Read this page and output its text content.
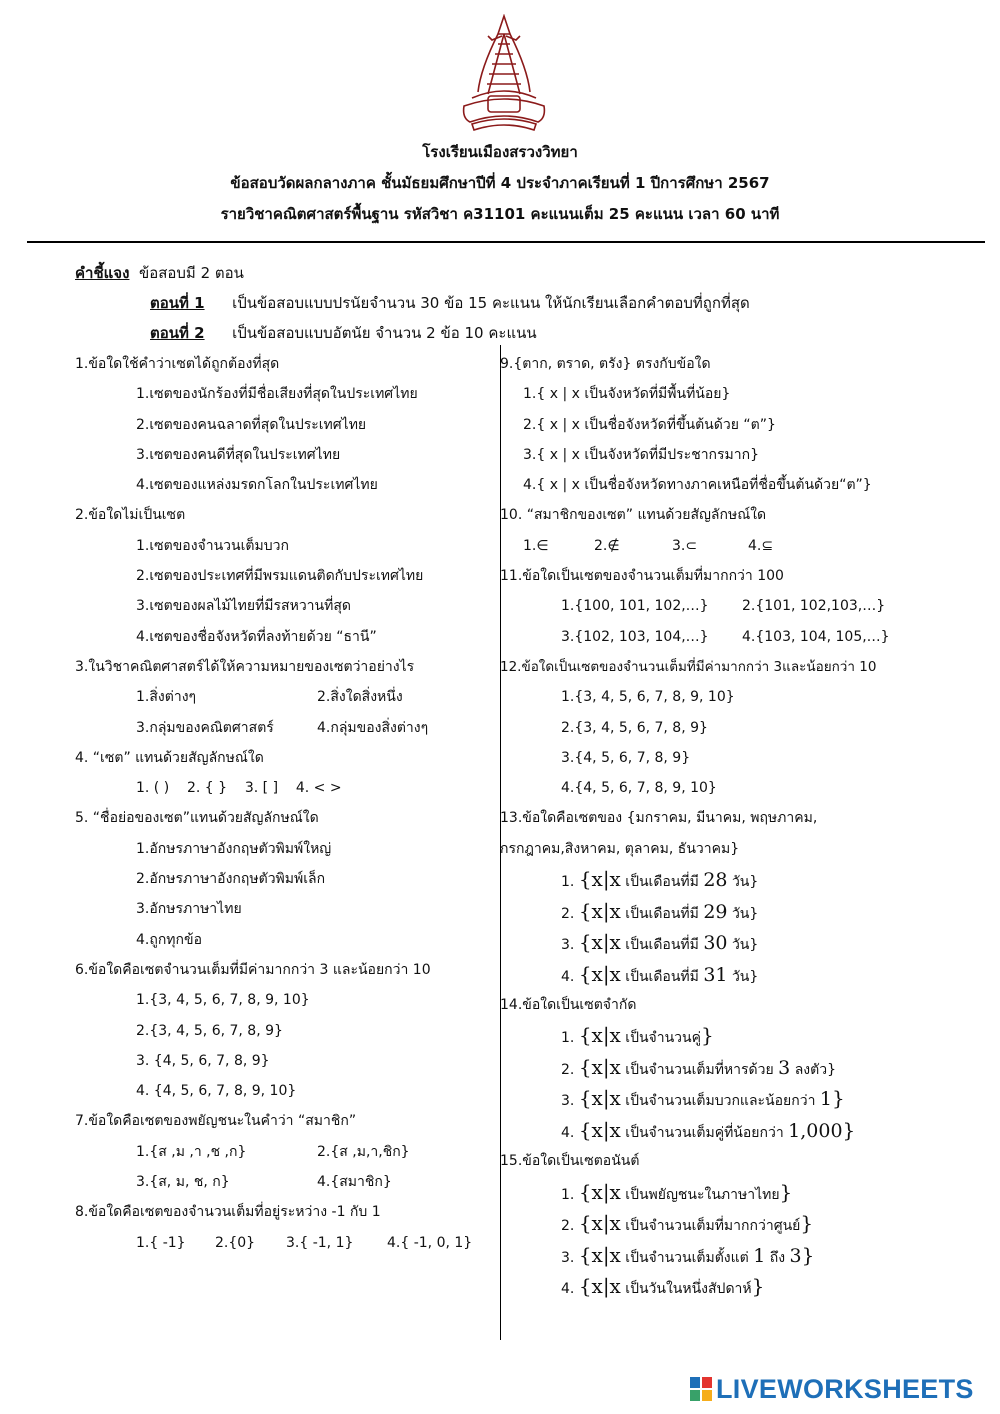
โรงเรียนเมืองสรวงวิทยา
ข้อสอบวัดผลกลางภาค ชั้นมัธยมศึกษาปีที่ 4 ประจำภาคเรียนที่ 1 ปีการศึกษา 2567
รายวิชาคณิตศาสตร์พื้นฐาน รหัสวิชา ค31101 คะแนนเต็ม 25 คะแนน เวลา 60 นาที
คำชี้แจง ข้อสอบมี 2 ตอน
ตอนที่ 1 เป็นข้อสอบแบบปรนัยจำนวน 30 ข้อ 15 คะแนน ให้นักเรียนเลือกคำตอบที่ถูกที่สุด
ตอนที่ 2 เป็นข้อสอบแบบอัตนัย จำนวน 2 ข้อ 10 คะแนน
1.ข้อใดใช้คำว่าเซตได้ถูกต้องที่สุด
1.เซตของนักร้องที่มีชื่อเสียงที่สุดในประเทศไทย
2.เซตของคนฉลาดที่สุดในประเทศไทย
3.เซตของคนดีที่สุดในประเทศไทย
4.เซตของแหล่งมรดกโลกในประเทศไทย
2.ข้อใดไม่เป็นเซต
1.เซตของจำนวนเต็มบวก
2.เซตของประเทศที่มีพรมแดนติดกับประเทศไทย
3.เซตของผลไม้ไทยที่มีรสหวานที่สุด
4.เซตของชื่อจังหวัดที่ลงท้ายด้วย “ธานี”
3.ในวิชาคณิตศาสตร์ได้ให้ความหมายของเซตว่าอย่างไร
1.สิ่งต่างๆ	2.สิ่งใดสิ่งหนึ่ง
3.กลุ่มของคณิตศาสตร์	4.กลุ่มของสิ่งต่างๆ
4. “เซต” แทนด้วยสัญลักษณ์ใด
1. ( )    2. { }    3. [ ]    4. < >
5. “ชื่อย่อของเซต”แทนด้วยสัญลักษณ์ใด
1.อักษรภาษาอังกฤษตัวพิมพ์ใหญ่
2.อักษรภาษาอังกฤษตัวพิมพ์เล็ก
3.อักษรภาษาไทย
4.ถูกทุกข้อ
6.ข้อใดคือเซตจำนวนเต็มที่มีค่ามากกว่า 3 และน้อยกว่า 10
1.{3, 4, 5, 6, 7, 8, 9, 10}
2.{3, 4, 5, 6, 7, 8, 9}
3. {4, 5, 6, 7, 8, 9}
4. {4, 5, 6, 7, 8, 9, 10}
7.ข้อใดคือเซตของพยัญชนะในคำว่า “สมาชิก”
1.{ส ,ม ,า ,ช ,ก}	2.{ส ,ม,า,ชิก}
3.{ส, ม, ช, ก}	4.{สมาชิก}
8.ข้อใดคือเซตของจำนวนเต็มที่อยู่ระหว่าง -1 กับ 1
1.{ -1} 2.{0} 3.{ -1, 1} 4.{ -1, 0, 1}
9.{ตาก, ตราด, ตรัง} ตรงกับข้อใด
1.{ x | x เป็นจังหวัดที่มีพื้นที่น้อย}
2.{ x | x เป็นชื่อจังหวัดที่ขึ้นต้นด้วย “ต”}
3.{ x | x เป็นจังหวัดที่มีประชากรมาก}
4.{ x | x เป็นชื่อจังหวัดทางภาคเหนือที่ชื่อขึ้นต้นด้วย“ต”}
10. “สมาชิกของเซต” แทนด้วยสัญลักษณ์ใด
1.∈	2.∉	3.⊂	4.⊆
11.ข้อใดเป็นเซตของจำนวนเต็มที่มากกว่า 100
1.{100, 101, 102,…} 2.{101, 102,103,…}
3.{102, 103, 104,…} 4.{103, 104, 105,…}
12.ข้อใดเป็นเซตของจำนวนเต็มที่มีค่ามากกว่า 3และน้อยกว่า 10
1.{3, 4, 5, 6, 7, 8, 9, 10}
2.{3, 4, 5, 6, 7, 8, 9}
3.{4, 5, 6, 7, 8, 9}
4.{4, 5, 6, 7, 8, 9, 10}
13.ข้อใดคือเซตของ {มกราคม, มีนาคม, พฤษภาคม,
กรกฎาคม,สิงหาคม, ตุลาคม, ธันวาคม}
1. {x|x เป็นเดือนที่มี 28 วัน}
2. {x|x เป็นเดือนที่มี 29 วัน}
3. {x|x เป็นเดือนที่มี 30 วัน}
4. {x|x เป็นเดือนที่มี 31 วัน}
14.ข้อใดเป็นเซตจำกัด
1. {x|x เป็นจำนวนคู่}
2. {x|x เป็นจำนวนเต็มที่หารด้วย 3 ลงตัว}
3. {x|x เป็นจำนวนเต็มบวกและน้อยกว่า 1}
4. {x|x เป็นจำนวนเต็มคู่ที่น้อยกว่า 1,000}
15.ข้อใดเป็นเซตอนันต์
1. {x|x เป็นพยัญชนะในภาษาไทย}
2. {x|x เป็นจำนวนเต็มที่มากกว่าศูนย์}
3. {x|x เป็นจำนวนเต็มตั้งแต่ 1 ถึง 3}
4. {x|x เป็นวันในหนึ่งสัปดาห์}
LIVEWORKSHEETS
